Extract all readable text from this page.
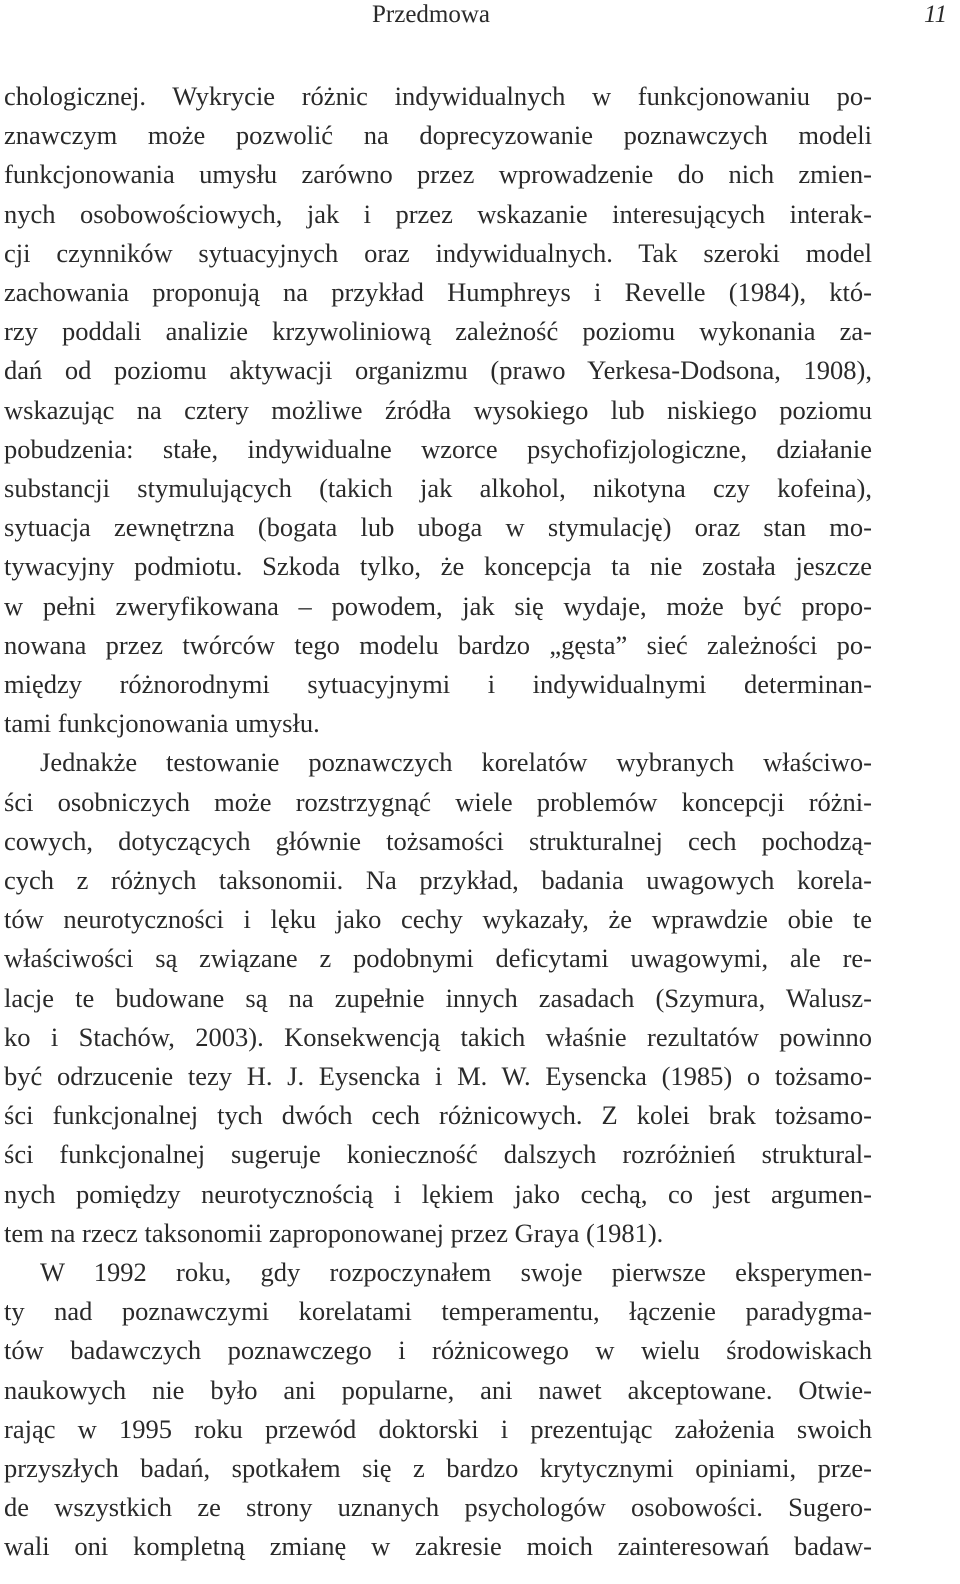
Przedmowa	11
chologicznej. Wykrycie różnic indywidualnych w funkcjonowaniu po-
znawczym może pozwolić na doprecyzowanie poznawczych modeli
funkcjonowania umysłu zarówno przez wprowadzenie do nich zmien-
nych osobowościowych, jak i przez wskazanie interesujących interak-
cji czynników sytuacyjnych oraz indywidualnych. Tak szeroki model
zachowania proponują na przykład Humphreys i Revelle (1984), któ-
rzy poddali analizie krzywoliniową zależność poziomu wykonania za-
dań od poziomu aktywacji organizmu (prawo Yerkesa-Dodsona, 1908),
wskazując na cztery możliwe źródła wysokiego lub niskiego poziomu
pobudzenia: stałe, indywidualne wzorce psychofizjologiczne, działanie
substancji stymulujących (takich jak alkohol, nikotyna czy kofeina),
sytuacja zewnętrzna (bogata lub uboga w stymulację) oraz stan mo-
tywacyjny podmiotu. Szkoda tylko, że koncepcja ta nie została jeszcze
w pełni zweryfikowana – powodem, jak się wydaje, może być propo-
nowana przez twórców tego modelu bardzo „gęsta” sieć zależności po-
między różnorodnymi sytuacyjnymi i indywidualnymi determinan-
tami funkcjonowania umysłu.
Jednakże testowanie poznawczych korelatów wybranych właściwo-
ści osobniczych może rozstrzygnąć wiele problemów koncepcji różni-
cowych, dotyczących głównie tożsamości strukturalnej cech pochodzą-
cych z różnych taksonomii. Na przykład, badania uwagowych korela-
tów neurotyczności i lęku jako cechy wykazały, że wprawdzie obie te
właściwości są związane z podobnymi deficytami uwagowymi, ale re-
lacje te budowane są na zupełnie innych zasadach (Szymura, Walusz-
ko i Stachów, 2003). Konsekwencją takich właśnie rezultatów powinno
być odrzucenie tezy H. J. Eysencka i M. W. Eysencka (1985) o tożsamo-
ści funkcjonalnej tych dwóch cech różnicowych. Z kolei brak tożsamo-
ści funkcjonalnej sugeruje konieczność dalszych rozróżnień struktural-
nych pomiędzy neurotycznością i lękiem jako cechą, co jest argumen-
tem na rzecz taksonomii zaproponowanej przez Graya (1981).
W 1992 roku, gdy rozpoczynałem swoje pierwsze eksperymen-
ty nad poznawczymi korelatami temperamentu, łączenie paradygma-
tów badawczych poznawczego i różnicowego w wielu środowiskach
naukowych nie było ani popularne, ani nawet akceptowane. Otwie-
rając w 1995 roku przewód doktorski i prezentując założenia swoich
przyszłych badań, spotkałem się z bardzo krytycznymi opiniami, prze-
de wszystkich ze strony uznanych psychologów osobowości. Sugero-
wali oni kompletną zmianę w zakresie moich zainteresowań badaw-
